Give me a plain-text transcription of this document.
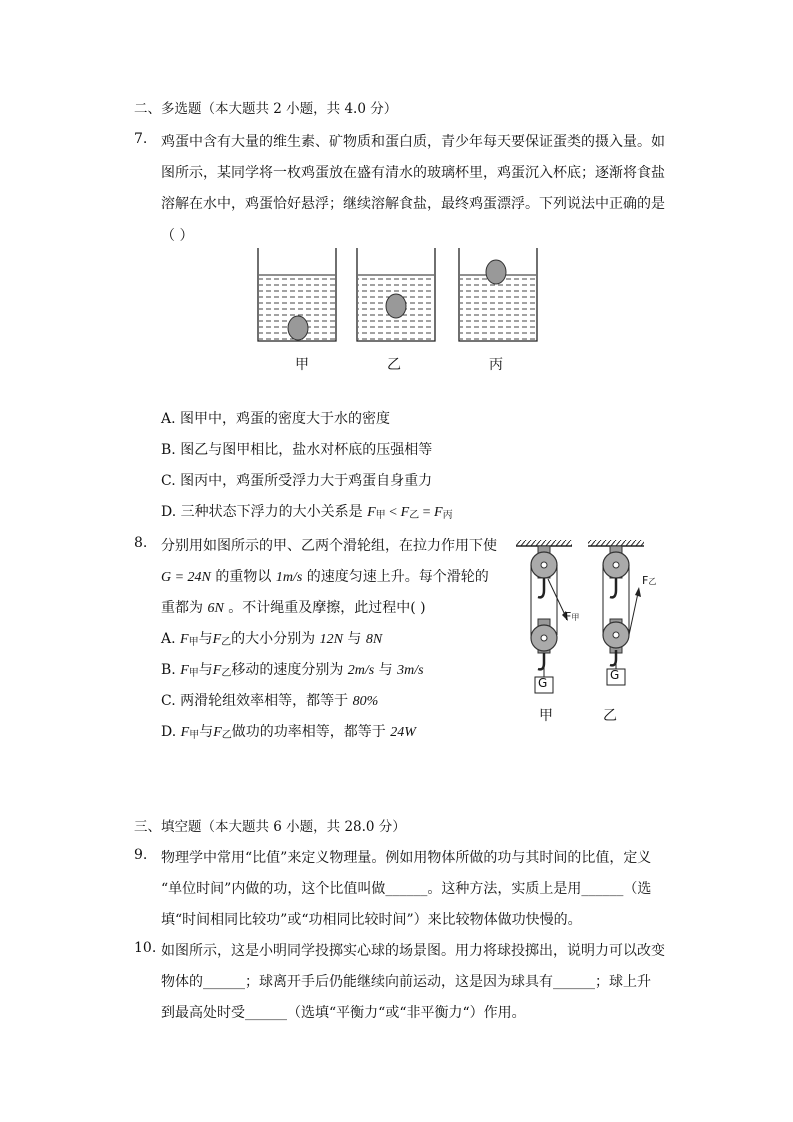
二、多选题（本大题共 2 小题，共 4.0 分）
7. 鸡蛋中含有大量的维生素、矿物质和蛋白质，青少年每天要保证蛋类的摄入量。如
图所示，某同学将一枚鸡蛋放在盛有清水的玻璃杯里，鸡蛋沉入杯底；逐渐将食盐
溶解在水中，鸡蛋恰好悬浮；继续溶解食盐，最终鸡蛋漂浮。下列说法中正确的是
（ ）
甲	乙	丙
A. 图甲中，鸡蛋的密度大于水的密度
B. 图乙与图甲相比，盐水对杯底的压强相等
C. 图丙中，鸡蛋所受浮力大于鸡蛋自身重力
D. 三种状态下浮力的大小关系是 $F_甲 < F_乙 = F_丙$
8. 分别用如图所示的甲、乙两个滑轮组，在拉力作用下使
G = 24N 的重物以 1m/s 的速度匀速上升。每个滑轮的
重都为 6N 。不计绳重及摩擦，此过程中( )
A. $F_甲$与$F_乙$的大小分别为 12N 与 8N
B. $F_甲$与$F_乙$移动的速度分别为 2m/s 与 3m/s
C. 两滑轮组效率相等，都等于 80%
D. $F_甲$与$F_乙$做功的功率相等，都等于 24W
G
G
F甲
F乙
甲	乙
三、填空题（本大题共 6 小题，共 28.0 分）
9. 物理学中常用“比值”来定义物理量。例如用物体所做的功与其时间的比值，定义
“单位时间”内做的功，这个比值叫做______。这种方法，实质上是用______（选
填“时间相同比较功”或“功相同比较时间”）来比较物体做功快慢的。
10. 如图所示，这是小明同学投掷实心球的场景图。用力将球投掷出，说明力可以改变
物体的______；球离开手后仍能继续向前运动，这是因为球具有______；球上升
到最高处时受______（选填“平衡力“或“非平衡力“）作用。
